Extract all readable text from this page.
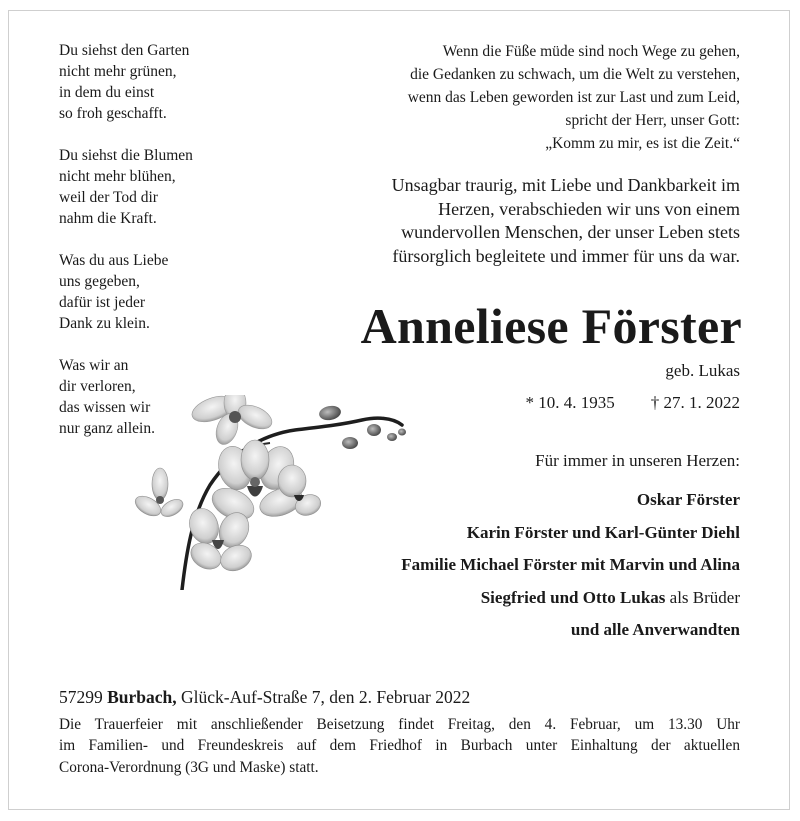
Du siehst den Garten
nicht mehr grünen,
in dem du einst
so froh geschafft.
Du siehst die Blumen
nicht mehr blühen,
weil der Tod dir
nahm die Kraft.
Was du aus Liebe
uns gegeben,
dafür ist jeder
Dank zu klein.
Was wir an
dir verloren,
das wissen wir
nur ganz allein.
Wenn die Füße müde sind noch Wege zu gehen,
die Gedanken zu schwach, um die Welt zu verstehen,
wenn das Leben geworden ist zur Last und zum Leid,
spricht der Herr, unser Gott:
„Komm zu mir, es ist die Zeit.“
Unsagbar traurig, mit Liebe und Dankbarkeit im
Herzen, verabschieden wir uns von einem
wundervollen Menschen, der unser Leben stets
fürsorglich begleitete und immer für uns da war.
Anneliese Förster
geb. Lukas
* 10. 4. 1935 † 27. 1. 2022
Für immer in unseren Herzen:
Oskar Förster
Karin Förster und Karl-Günter Diehl
Familie Michael Förster mit Marvin und Alina
Siegfried und Otto Lukas als Brüder
und alle Anverwandten
57299 Burbach, Glück-Auf-Straße 7, den 2. Februar 2022
Die Trauerfeier mit anschließender Beisetzung findet Freitag, den 4. Februar, um 13.30 Uhr
im Familien- und Freundeskreis auf dem Friedhof in Burbach unter Einhaltung der aktuellen
Corona-Verordnung (3G und Maske) statt.
